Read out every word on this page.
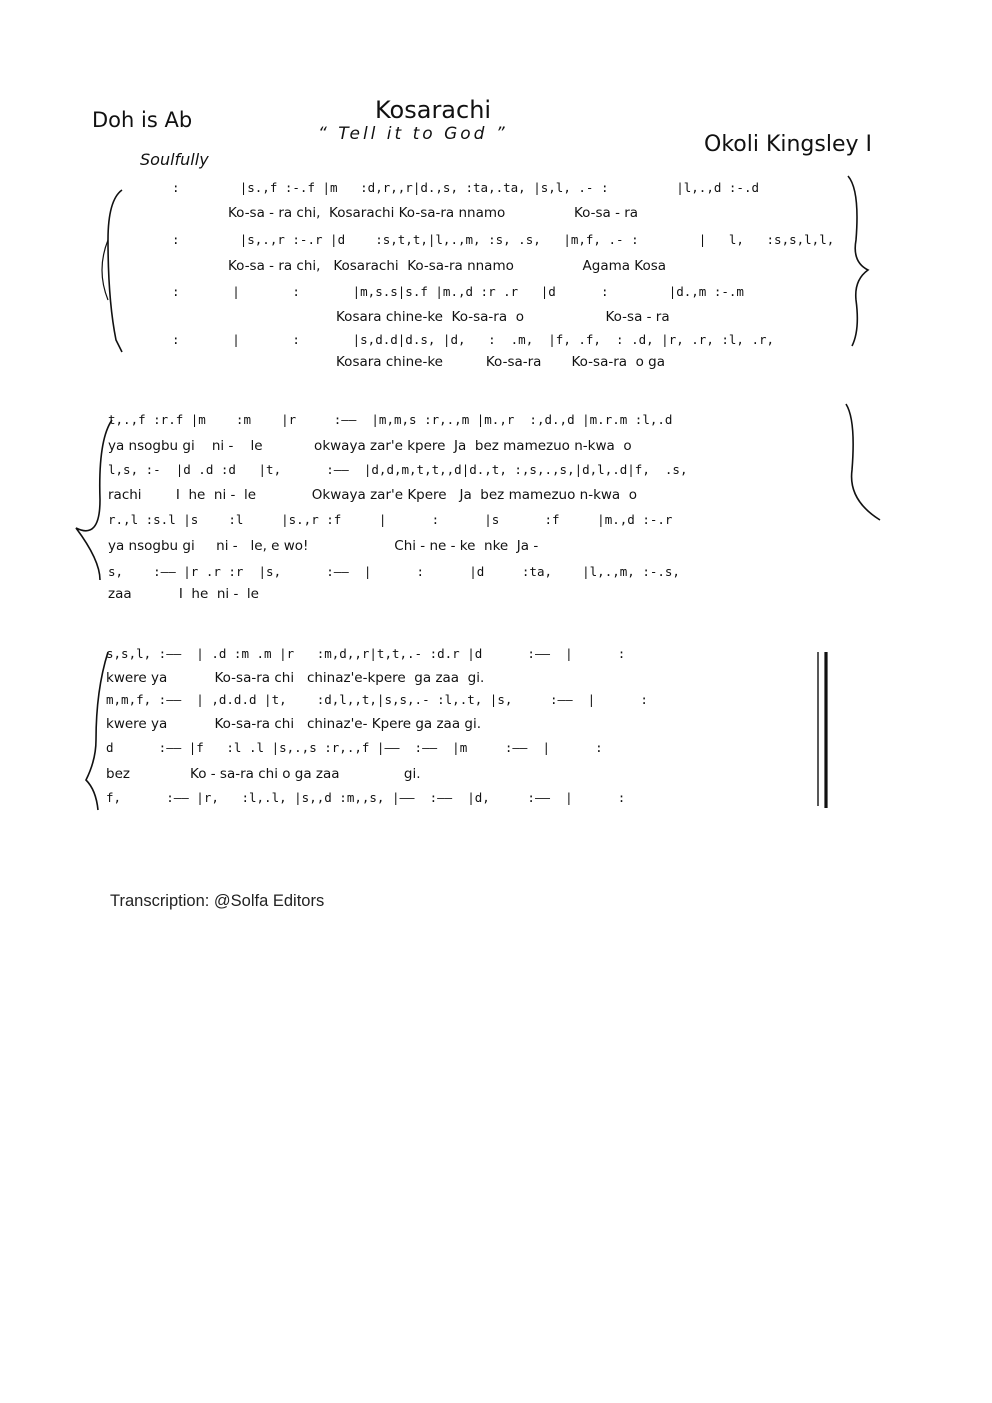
Doh is Ab
Soulfully
Kosarachi
“ Tell it to God ”	Okoli Kingsley I
:        |s.,f :-.f |m   :d,r,,r|d.,s, :ta,.ta, |s,l, .- :         |l,.,d :-.d
Ko-sa - ra chi,  Kosarachi Ko-sa-ra nnamo                Ko-sa - ra
:        |s,.,r :-.r |d    :s,t,t,|l,.,m, :s, .s,   |m,f, .- :        |   l,   :s,s,l,l,
Ko-sa - ra chi,   Kosarachi  Ko-sa-ra nnamo                Agama Kosa
:       |       :       |m,s.s|s.f |m.,d :r .r   |d      :        |d.,m :-.m
Kosara chine-ke  Ko-sa-ra  o                   Ko-sa - ra
:       |       :       |s,d.d|d.s, |d,   :  .m,  |f, .f,  : .d, |r, .r, :l, .r,
Kosara chine-ke          Ko-sa-ra       Ko-sa-ra  o ga
t,.,f :r.f |m    :m    |r     :——  |m,m,s :r,.,m |m.,r  :,d.,d |m.r.m :l,.d
ya nsogbu gi    ni -    le            okwaya zar'e kpere  Ja  bez mamezuo n-kwa  o
l,s, :-  |d .d :d   |t,      :——  |d,d,m,t,t,,d|d.,t, :,s,.,s,|d,l,.d|f,  .s,
rachi        I  he  ni -  le             Okwaya zar'e Kpere   Ja  bez mamezuo n-kwa  o
r.,l :s.l |s    :l     |s.,r :f     |      :      |s      :f     |m.,d :-.r
ya nsogbu gi     ni -   le, e wo!                    Chi - ne - ke  nke  Ja -
s,    :—— |r .r :r  |s,      :——  |      :      |d     :ta,    |l,.,m, :-.s,
zaa           I  he  ni -  le
s,s,l, :——  | .d :m .m |r   :m,d,,r|t,t,.- :d.r |d      :——  |      :
kwere ya           Ko-sa-ra chi   chinaz'e-kpere  ga zaa  gi.
m,m,f, :——  | ,d.d.d |t,    :d,l,,t,|s,s,.- :l,.t, |s,     :——  |      :
kwere ya           Ko-sa-ra chi   chinaz'e- Kpere ga zaa gi.
d      :—— |f   :l .l |s,.,s :r,.,f |——  :——  |m     :——  |      :
bez              Ko - sa-ra chi o ga zaa               gi.
f,      :—— |r,   :l,.l, |s,,d :m,,s, |——  :——  |d,     :——  |      :
Transcription: @Solfa Editors
